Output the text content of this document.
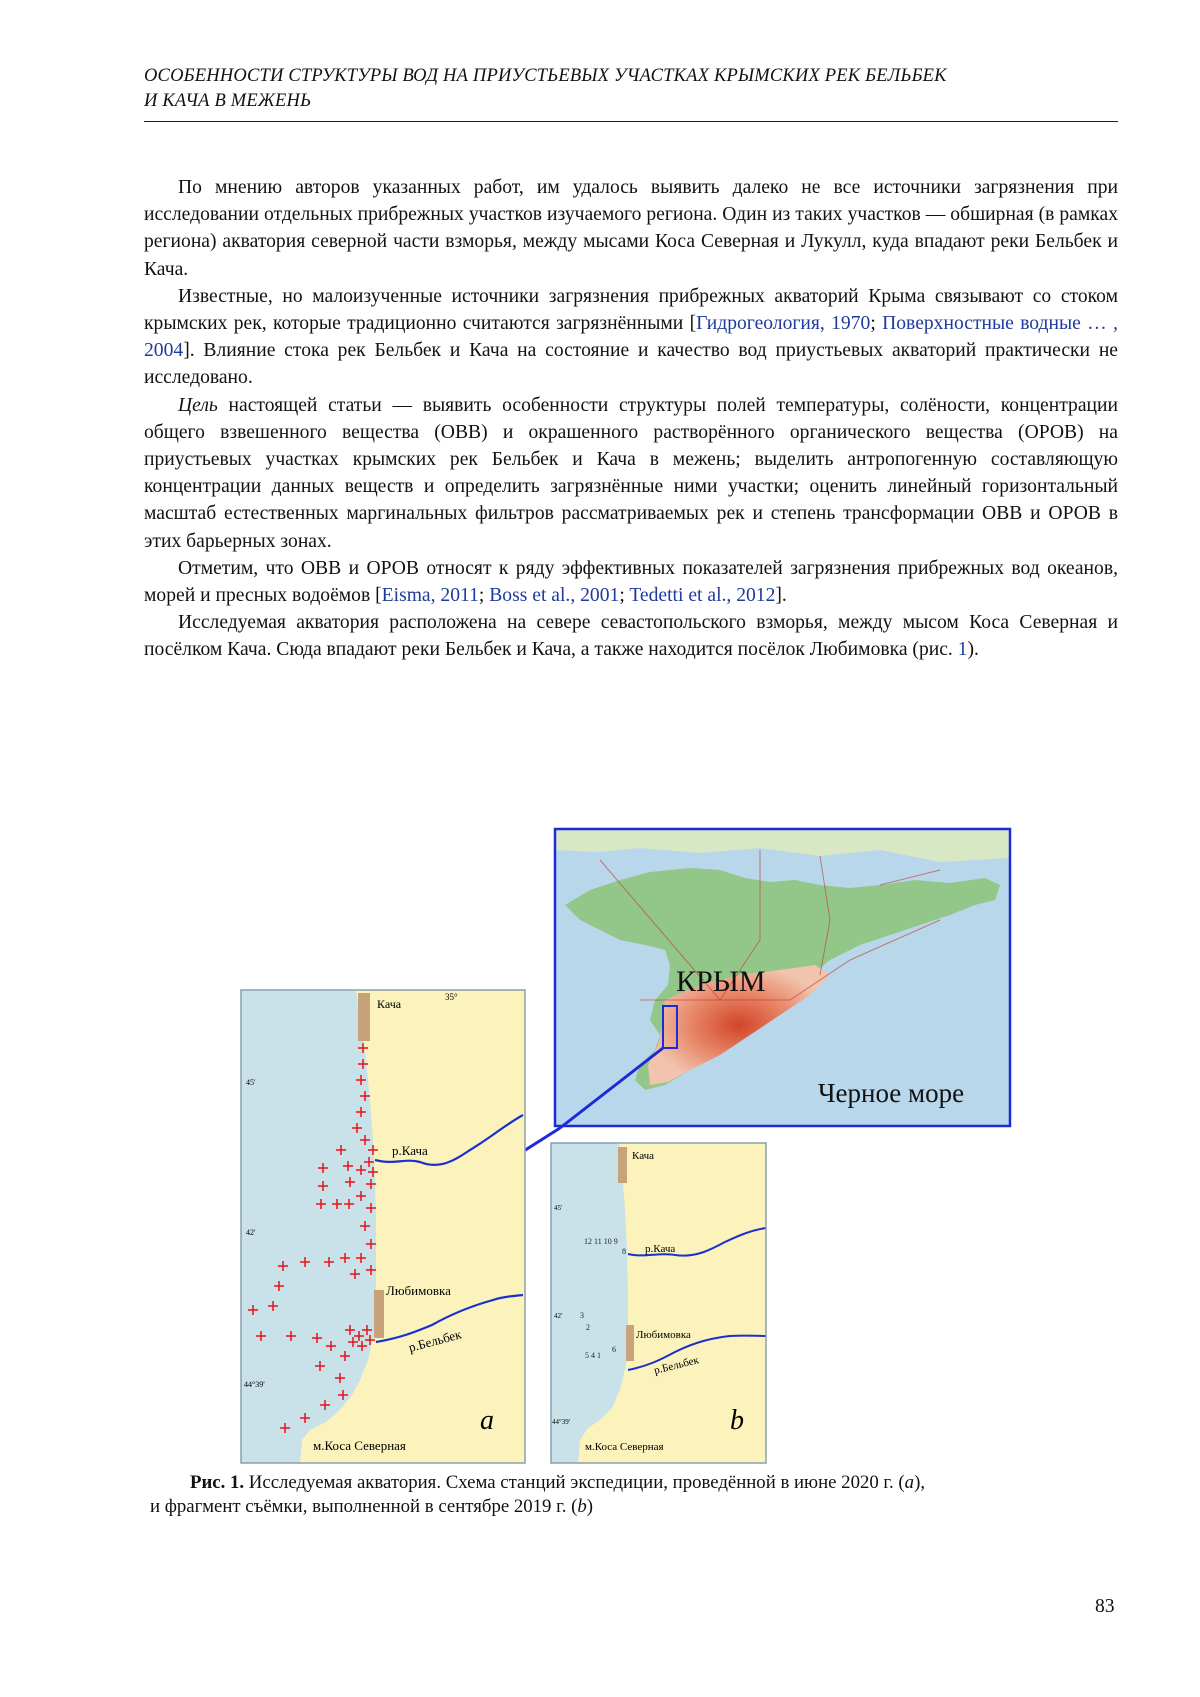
ОСОБЕННОСТИ СТРУКТУРЫ ВОД НА ПРИУСТЬЕВЫХ УЧАСТКАХ КРЫМСКИХ РЕК БЕЛЬБЕК
И КАЧА В МЕЖЕНЬ

По мнению авторов указанных работ, им удалось выявить далеко не все источники загрязнения при исследовании отдельных прибрежных участков изучаемого региона. Один из таких участков — обширная (в рамках региона) акватория северной части взморья, между мысами Коса Северная и Лукулл, куда впадают реки Бельбек и Кача.

Известные, но малоизученные источники загрязнения прибрежных акваторий Крыма связывают со стоком крымских рек, которые традиционно считаются загрязнёнными [Гидрогеология, 1970; Поверхностные водные … , 2004]. Влияние стока рек Бельбек и Кача на состояние и качество вод приустьевых акваторий практически не исследовано.

Цель настоящей статьи — выявить особенности структуры полей температуры, солёности, концентрации общего взвешенного вещества (ОВВ) и окрашенного растворённого органического вещества (ОРОВ) на приустьевых участках крымских рек Бельбек и Кача в межень; выделить антропогенную составляющую концентрации данных веществ и определить загрязнённые ними участки; оценить линейный горизонтальный масштаб естественных маргинальных фильтров рассматриваемых рек и степень трансформации ОВВ и ОРОВ в этих барьерных зонах.

Отметим, что ОВВ и ОРОВ относят к ряду эффективных показателей загрязнения прибрежных вод океанов, морей и пресных водоёмов [Eisma, 2011; Boss et al., 2001; Tedetti et al., 2012].

Исследуемая акватория расположена на севере севастопольского взморья, между мысом Коса Северная и посёлком Кача. Сюда впадают реки Бельбек и Кача, а также находится посёлок Любимовка (рис. 1).

КРЫМ
Черное море
Кача	35°
р.Кача
Любимовка
р.Бельбек
м.Коса Северная
a
45'
42'
44°39'
Кача
р.Кача
Любимовка
р.Бельбек
м.Коса Северная
b
45'
42'
44°39'
12 11 10 9
8
3
2
5 4 1
6
Рис. 1. Исследуемая акватория. Схема станций экспедиции, проведённой в июне 2020 г. (a),
и фрагмент съёмки, выполненной в сентябре 2019 г. (b)
83
